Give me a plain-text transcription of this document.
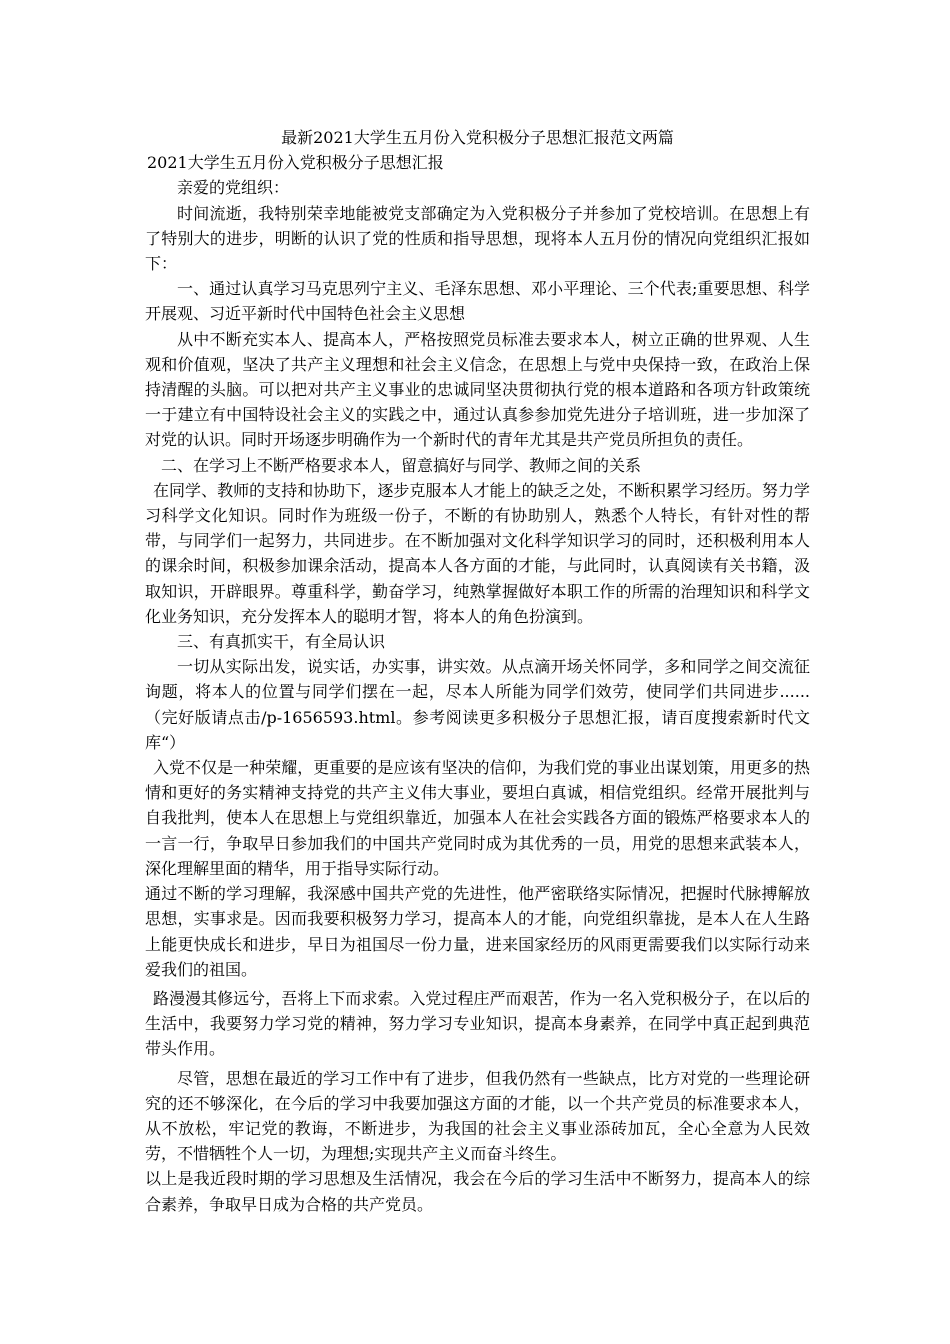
最新2021大学生五月份入党积极分子思想汇报范文两篇

2021大学生五月份入党积极分子思想汇报

亲爱的党组织：

时间流逝，我特别荣幸地能被党支部确定为入党积极分子并参加了党校培训。在思想上有了特别大的进步，明断的认识了党的性质和指导思想，现将本人五月份的情况向党组织汇报如下：

一、通过认真学习马克思列宁主义、毛泽东思想、邓小平理论、三个代表;重要思想、科学开展观、习近平新时代中国特色社会主义思想

从中不断充实本人、提高本人，严格按照党员标准去要求本人，树立正确的世界观、人生观和价值观，坚决了共产主义理想和社会主义信念，在思想上与党中央保持一致，在政治上保持清醒的头脑。可以把对共产主义事业的忠诚同坚决贯彻执行党的根本道路和各项方针政策统一于建立有中国特设社会主义的实践之中，通过认真参参加党先进分子培训班，进一步加深了对党的认识。同时开场逐步明确作为一个新时代的青年尤其是共产党员所担负的责任。

二、在学习上不断严格要求本人，留意搞好与同学、教师之间的关系

在同学、教师的支持和协助下，逐步克服本人才能上的缺乏之处，不断积累学习经历。努力学习科学文化知识。同时作为班级一份子，不断的有协助别人，熟悉个人特长，有针对性的帮带，与同学们一起努力，共同进步。在不断加强对文化科学知识学习的同时，还积极利用本人的课余时间，积极参加课余活动，提高本人各方面的才能，与此同时，认真阅读有关书籍，汲取知识，开辟眼界。尊重科学，勤奋学习，纯熟掌握做好本职工作的所需的治理知识和科学文化业务知识，充分发挥本人的聪明才智，将本人的角色扮演到。

三、有真抓实干，有全局认识

一切从实际出发，说实话，办实事，讲实效。从点滴开场关怀同学，多和同学之间交流征询题，将本人的位置与同学们摆在一起，尽本人所能为同学们效劳，使同学们共同进步......（完好版请点击/p-1656593.html。参考阅读更多积极分子思想汇报，请百度搜索新时代文库“）

入党不仅是一种荣耀，更重要的是应该有坚决的信仰，为我们党的事业出谋划策，用更多的热情和更好的务实精神支持党的共产主义伟大事业，要坦白真诚，相信党组织。经常开展批判与自我批判，使本人在思想上与党组织靠近，加强本人在社会实践各方面的锻炼严格要求本人的一言一行，争取早日参加我们的中国共产党同时成为其优秀的一员，用党的思想来武装本人，深化理解里面的精华，用于指导实际行动。

通过不断的学习理解，我深感中国共产党的先进性，他严密联络实际情况，把握时代脉搏解放思想，实事求是。因而我要积极努力学习，提高本人的才能，向党组织靠拢，是本人在人生路上能更快成长和进步，早日为祖国尽一份力量，进来国家经历的风雨更需要我们以实际行动来爱我们的祖国。

路漫漫其修远兮，吾将上下而求索。入党过程庄严而艰苦，作为一名入党积极分子，在以后的生活中，我要努力学习党的精神，努力学习专业知识，提高本身素养，在同学中真正起到典范带头作用。

尽管，思想在最近的学习工作中有了进步，但我仍然有一些缺点，比方对党的一些理论研究的还不够深化，在今后的学习中我要加强这方面的才能，以一个共产党员的标准要求本人，从不放松，牢记党的教诲，不断进步，为我国的社会主义事业添砖加瓦，全心全意为人民效劳，不惜牺牲个人一切，为理想;实现共产主义而奋斗终生。

以上是我近段时期的学习思想及生活情况，我会在今后的学习生活中不断努力，提高本人的综合素养，争取早日成为合格的共产党员。
